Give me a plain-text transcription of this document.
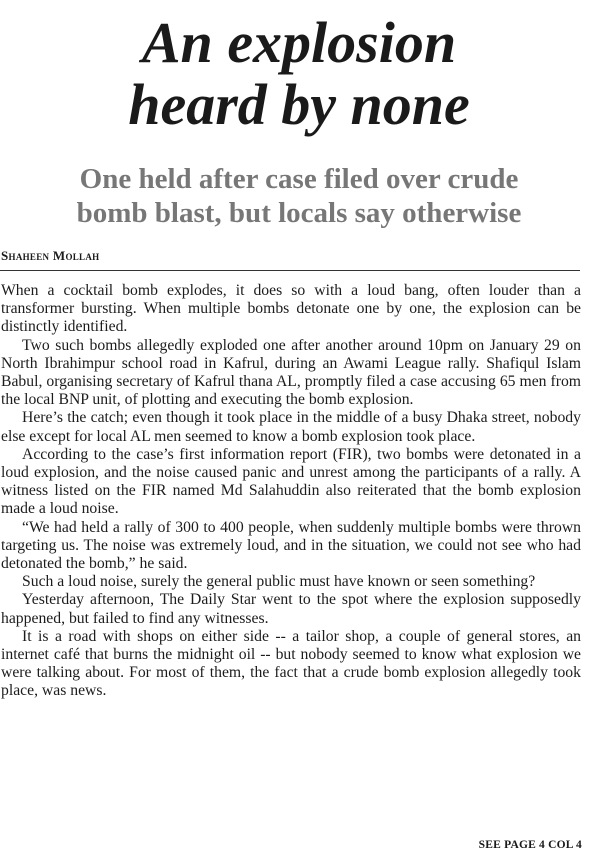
An explosion
heard by none
One held after case filed over crude
bomb blast, but locals say otherwise
Shaheen Mollah

When a cocktail bomb explodes, it does so with a loud bang, often louder than a transformer bursting. When multiple bombs detonate one by one, the explosion can be distinctly identified.

Two such bombs allegedly exploded one after another around 10pm on January 29 on North Ibrahimpur school road in Kafrul, during an Awami League rally. Shafiqul Islam Babul, organising secretary of Kafrul thana AL, promptly filed a case accusing 65 men from the local BNP unit, of plotting and executing the bomb explosion.

Here’s the catch; even though it took place in the middle of a busy Dhaka street, nobody else except for local AL men seemed to know a bomb explosion took place.

According to the case’s first information report (FIR), two bombs were detonated in a loud explosion, and the noise caused panic and unrest among the participants of a rally. A witness listed on the FIR named Md Salahuddin also reiterated that the bomb explosion made a loud noise.

“We had held a rally of 300 to 400 people, when suddenly multiple bombs were thrown targeting us. The noise was extremely loud, and in the situation, we could not see who had detonated the bomb,” he said.

Such a loud noise, surely the general public must have known or seen something?

Yesterday afternoon, The Daily Star went to the spot where the explosion supposedly happened, but failed to find any witnesses.

It is a road with shops on either side -- a tailor shop, a couple of general stores, an internet café that burns the midnight oil -- but nobody seemed to know what explosion we were talking about. For most of them, the fact that a crude bomb explosion allegedly took place, was news.

SEE PAGE 4 COL 4
